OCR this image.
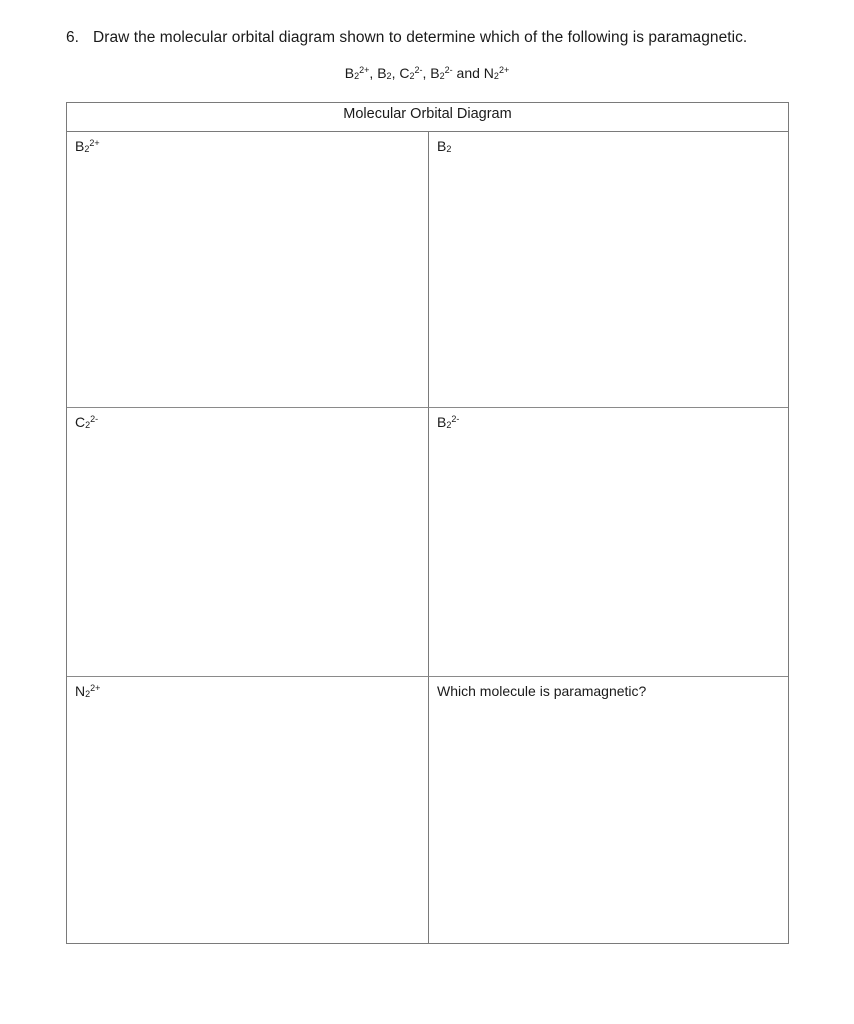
6. Draw the molecular orbital diagram shown to determine which of the following is paramagnetic.
$B_2^{2+}$, $B_2$, $C_2^{2-}$, $B_2^{2-}$ and $N_2^{2+}$
Molecular Orbital Diagram
$B_2^{2+}$	$B_2$
$C_2^{2-}$	$B_2^{2-}$
$N_2^{2+}$	Which molecule is paramagnetic?
